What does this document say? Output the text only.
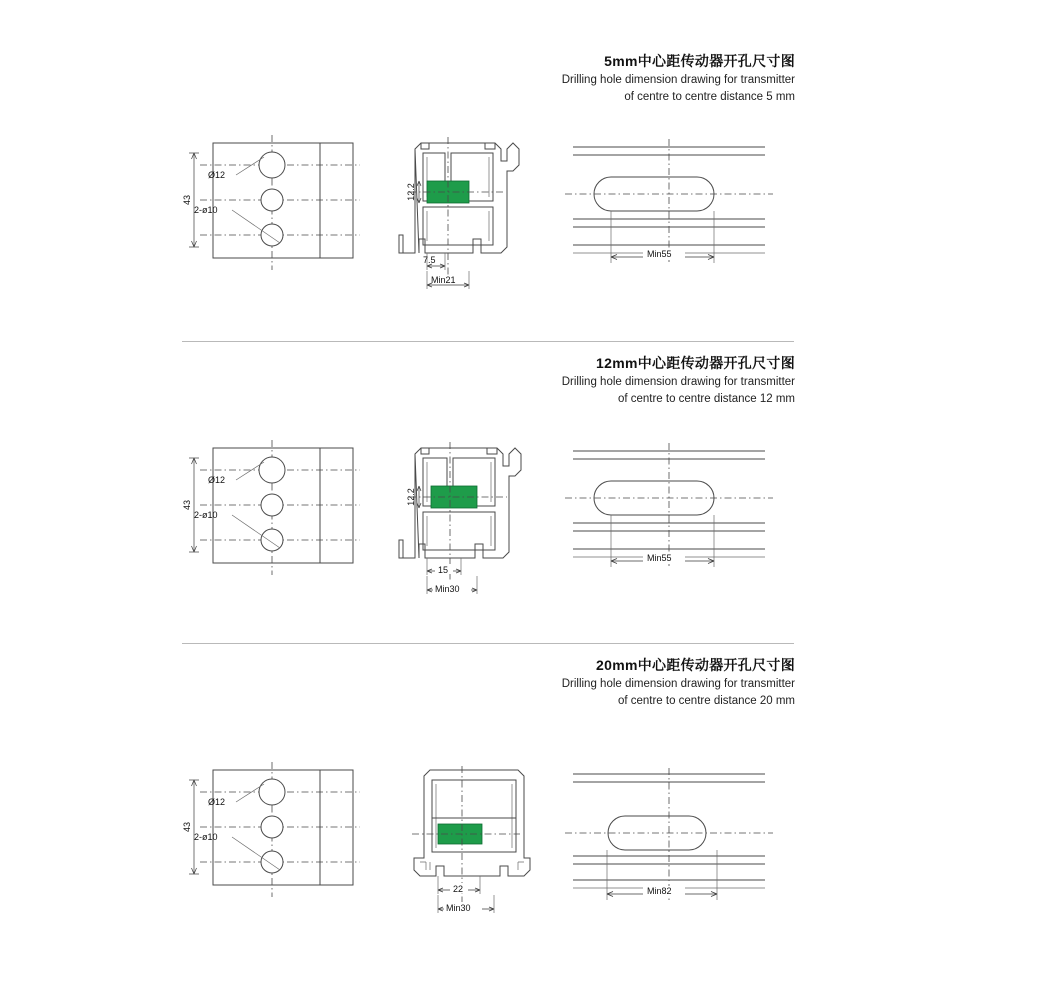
5mm中心距传动器开孔尺寸图
Drilling hole dimension drawing for transmitter
of centre to centre distance 5 mm
43
Ø12
2-ø10
12.2
7.5
Min21
Min55
12mm中心距传动器开孔尺寸图
Drilling hole dimension drawing for transmitter
of centre to centre distance 12 mm
43
Ø12
2-ø10
12.2
15
Min30
Min55
20mm中心距传动器开孔尺寸图
Drilling hole dimension drawing for transmitter
of centre to centre distance 20 mm
43
Ø12
2-ø10
22
Min30
Min82
